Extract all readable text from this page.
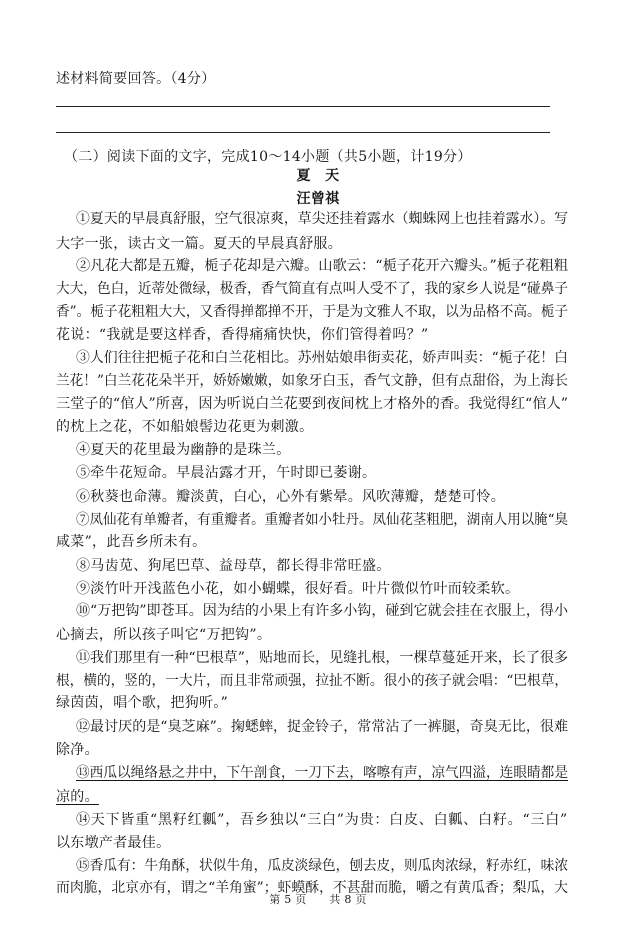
述材料简要回答。（4分）
（二）阅读下面的文字，完成10～14小题（共5小题，计19分）
夏　天
汪曾祺
①夏天的早晨真舒服，空气很凉爽，草尖还挂着露水（蜘蛛网上也挂着露水）。写
大字一张，读古文一篇。夏天的早晨真舒服。
②凡花大都是五瓣，栀子花却是六瓣。山歌云：“栀子花开六瓣头。”栀子花粗粗
大大，色白，近蒂处微绿，极香，香气简直有点叫人受不了，我的家乡人说是“碰鼻子
香”。栀子花粗粗大大，又香得掸都掸不开，于是为文雅人不取，以为品格不高。栀子
花说：“我就是要这样香，香得痛痛快快，你们管得着吗？”
③人们往往把栀子花和白兰花相比。苏州姑娘串街卖花，娇声叫卖：“栀子花！白
兰花！”白兰花花朵半开，娇娇嫩嫩，如象牙白玉，香气文静，但有点甜俗，为上海长
三堂子的“倌人”所喜，因为听说白兰花要到夜间枕上才格外的香。我觉得红“倌人”
的枕上之花，不如船娘髻边花更为刺激。
④夏天的花里最为幽静的是珠兰。
⑤牵牛花短命。早晨沾露才开，午时即已萎谢。
⑥秋葵也命薄。瓣淡黄，白心，心外有紫晕。风吹薄瓣，楚楚可怜。
⑦凤仙花有单瓣者，有重瓣者。重瓣者如小牡丹。凤仙花茎粗肥，湖南人用以腌“臭
咸菜”，此吾乡所未有。
⑧马齿苋、狗尾巴草、益母草，都长得非常旺盛。
⑨淡竹叶开浅蓝色小花，如小蝴蝶，很好看。叶片微似竹叶而较柔软。
⑩“万把钩”即苍耳。因为结的小果上有许多小钩，碰到它就会挂在衣服上，得小
心摘去，所以孩子叫它“万把钩”。
⑪我们那里有一种“巴根草”，贴地而长，见缝扎根，一棵草蔓延开来，长了很多
根，横的，竖的，一大片，而且非常顽强，拉扯不断。很小的孩子就会唱：“巴根草，
绿茵茵，唱个歌，把狗听。”
⑫最讨厌的是“臭芝麻”。掬蟋蟀，捉金铃子，常常沾了一裤腿，奇臭无比，很难
除净。
⑬西瓜以绳络悬之井中，下午剖食，一刀下去，喀嚓有声，凉气四溢，连眼睛都是
凉的。
⑭天下皆重“黑籽红瓤”，吾乡独以“三白”为贵：白皮、白瓤、白籽。“三白”
以东墩产者最佳。
⑮香瓜有：牛角酥，状似牛角，瓜皮淡绿色，刨去皮，则瓜肉浓绿，籽赤红，味浓
而肉脆，北京亦有，谓之“羊角蜜”；虾蟆酥，不甚甜而脆，嚼之有黄瓜香；梨瓜，大
第 5 页　　共 8 页
